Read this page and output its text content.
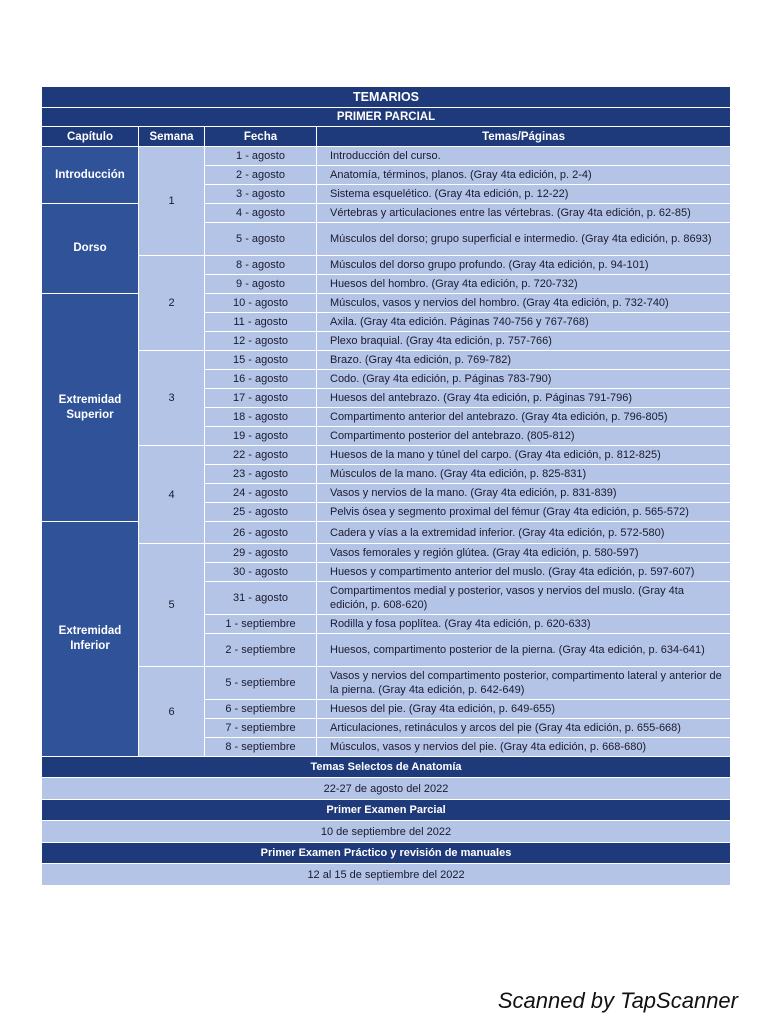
TEMARIOS			
PRIMER PARCIAL			
Capítulo	Semana	Fecha	Temas/Páginas
Introducción	1	1 - agosto	Introducción del curso.
		2 - agosto	Anatomía, términos, planos. (Gray 4ta edición, p. 2-4)
		3 - agosto	Sistema esquelético. (Gray 4ta edición, p. 12-22)
Dorso		4 - agosto	Vértebras y articulaciones entre las vértebras. (Gray 4ta edición, p. 62-85)
		5 - agosto	Músculos del dorso; grupo superficial e intermedio. (Gray 4ta edición, p. 8693)
	2	8 - agosto	Músculos del dorso grupo profundo. (Gray 4ta edición, p. 94-101)
		9 - agosto	Huesos del hombro. (Gray 4ta edición, p. 720-732)
Extremidad Superior		10 - agosto	Músculos, vasos y nervios del hombro. (Gray 4ta edición, p. 732-740)
		11 - agosto	Axila. (Gray 4ta edición. Páginas 740-756 y 767-768)
		12 - agosto	Plexo braquial. (Gray 4ta edición, p. 757-766)
	3	15 - agosto	Brazo. (Gray 4ta edición, p. 769-782)
		16 - agosto	Codo. (Gray 4ta edición, p. Páginas 783-790)
		17 - agosto	Huesos del antebrazo. (Gray 4ta edición, p. Páginas 791-796)
		18 - agosto	Compartimento anterior del antebrazo. (Gray 4ta edición, p. 796-805)
		19 - agosto	Compartimento posterior del antebrazo. (805-812)
	4	22 - agosto	Huesos de la mano y túnel del carpo. (Gray 4ta edición, p. 812-825)
		23 - agosto	Músculos de la mano. (Gray 4ta edición, p. 825-831)
		24 - agosto	Vasos y nervios de la mano. (Gray 4ta edición, p. 831-839)
		25 - agosto	Pelvis ósea y segmento proximal del fémur (Gray 4ta edición, p. 565-572)
Extremidad Inferior		26 - agosto	Cadera y vías a la extremidad inferior. (Gray 4ta edición, p. 572-580)
	5	29 - agosto	Vasos femorales y región glútea. (Gray 4ta edición, p. 580-597)
		30 - agosto	Huesos y compartimento anterior del muslo. (Gray 4ta edición, p. 597-607)
		31 - agosto	Compartimentos medial y posterior, vasos y nervios del muslo. (Gray 4ta edición, p. 608-620)
		1 - septiembre	Rodilla y fosa poplítea. (Gray 4ta edición, p. 620-633)
		2 - septiembre	Huesos, compartimento posterior de la pierna. (Gray 4ta edición, p. 634-641)
	6	5 - septiembre	Vasos y nervios del compartimento posterior, compartimento lateral y anterior de la pierna. (Gray 4ta edición, p. 642-649)
		6 - septiembre	Huesos del pie. (Gray 4ta edición, p. 649-655)
		7 - septiembre	Articulaciones, retináculos y arcos del pie (Gray 4ta edición, p. 655-668)
		8 - septiembre	Músculos, vasos y nervios del pie. (Gray 4ta edición, p. 668-680)
Temas Selectos de Anatomía			
22-27 de agosto del 2022			
Primer Examen Parcial			
10 de septiembre del 2022			
Primer Examen Práctico y revisión de manuales			
12 al 15 de septiembre del 2022			
Scanned by TapScanner
